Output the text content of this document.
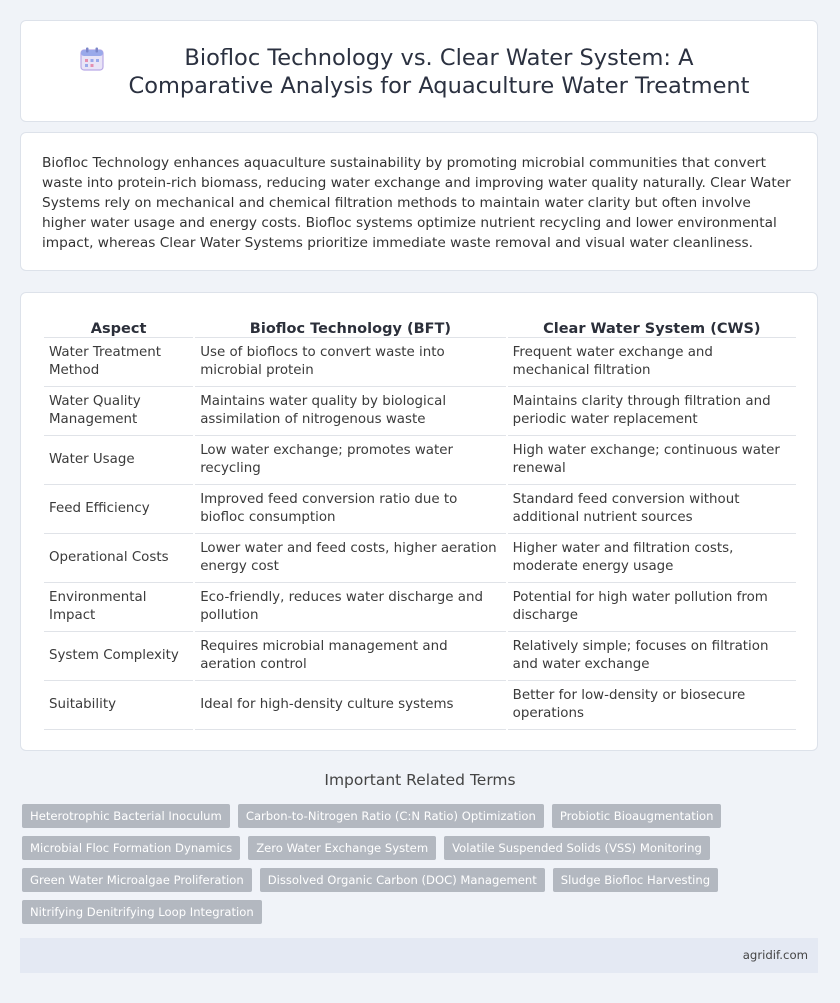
Biofloc Technology vs. Clear Water System: A Comparative Analysis for Aquaculture Water Treatment

Biofloc Technology enhances aquaculture sustainability by promoting microbial communities that convert waste into protein-rich biomass, reducing water exchange and improving water quality naturally. Clear Water Systems rely on mechanical and chemical filtration methods to maintain water clarity but often involve higher water usage and energy costs. Biofloc systems optimize nutrient recycling and lower environmental impact, whereas Clear Water Systems prioritize immediate waste removal and visual water cleanliness.

Aspect	Biofloc Technology (BFT)	Clear Water System (CWS)
Water Treatment Method	Use of bioflocs to convert waste into microbial protein	Frequent water exchange and mechanical filtration
Water Quality Management	Maintains water quality by biological assimilation of nitrogenous waste	Maintains clarity through filtration and periodic water replacement
Water Usage	Low water exchange; promotes water recycling	High water exchange; continuous water renewal
Feed Efficiency	Improved feed conversion ratio due to biofloc consumption	Standard feed conversion without additional nutrient sources
Operational Costs	Lower water and feed costs, higher aeration energy cost	Higher water and filtration costs, moderate energy usage
Environmental Impact	Eco-friendly, reduces water discharge and pollution	Potential for high water pollution from discharge
System Complexity	Requires microbial management and aeration control	Relatively simple; focuses on filtration and water exchange
Suitability	Ideal for high-density culture systems	Better for low-density or biosecure operations
Important Related Terms
Heterotrophic Bacterial Inoculum	Carbon-to-Nitrogen Ratio (C:N Ratio) Optimization	Probiotic Bioaugmentation
Microbial Floc Formation Dynamics	Zero Water Exchange System	Volatile Suspended Solids (VSS) Monitoring
Green Water Microalgae Proliferation	Dissolved Organic Carbon (DOC) Management	Sludge Biofloc Harvesting
Nitrifying Denitrifying Loop Integration
agridif.com
